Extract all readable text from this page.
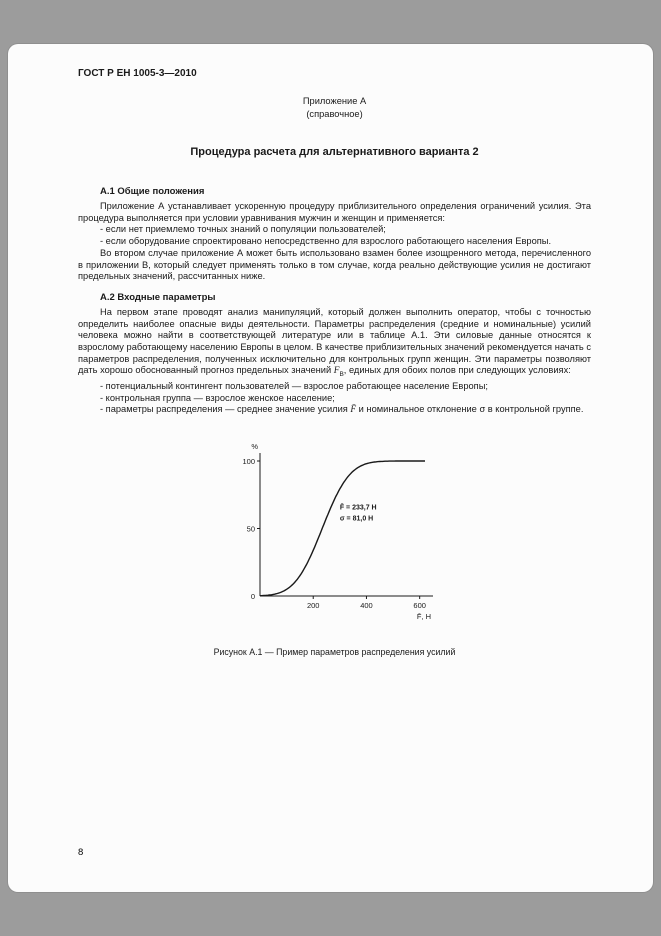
ГОСТ Р ЕН 1005-3—2010
Приложение А
(справочное)
Процедура расчета для альтернативного варианта 2
А.1 Общие положения

Приложение А устанавливает ускоренную процедуру приблизительного определения ограничений усилия. Эта процедура выполняется при условии уравнивания мужчин и женщин и применяется:

- если нет приемлемо точных знаний о популяции пользователей;

- если оборудование спроектировано непосредственно для взрослого работающего населения Европы.

Во втором случае приложение А может быть использовано взамен более изощренного метода, перечисленного в приложении В, который следует применять только в том случае, когда реально действующие усилия не достигают предельных значений, рассчитанных ниже.

А.2 Входные параметры

На первом этапе проводят анализ манипуляций, который должен выполнить оператор, чтобы с точностью определить наиболее опасные виды деятельности. Параметры распределения (средние и номинальные) усилий человека можно найти в соответствующей литературе или в таблице А.1. Эти силовые данные относятся к взрослому работающему населению Европы в целом. В качестве приблизительных значений рекомендуется начать с параметров распределения, полученных исключительно для контрольных групп женщин. Эти параметры позволяют дать хорошо обоснованный прогноз предельных значений $F_B$, единых для обоих полов при следующих условиях:

- потенциальный контингент пользователей — взрослое работающее население Европы;

- контрольная группа — взрослое женское население;

- параметры распределения — среднее значение усилия F̄ и номинальное отклонение σ в контрольной группе.

0
50
100
200	400	600
%
F̄, Н
F̄ = 233,7 Н
σ = 81,0 Н
Рисунок А.1 — Пример параметров распределения усилий
8
